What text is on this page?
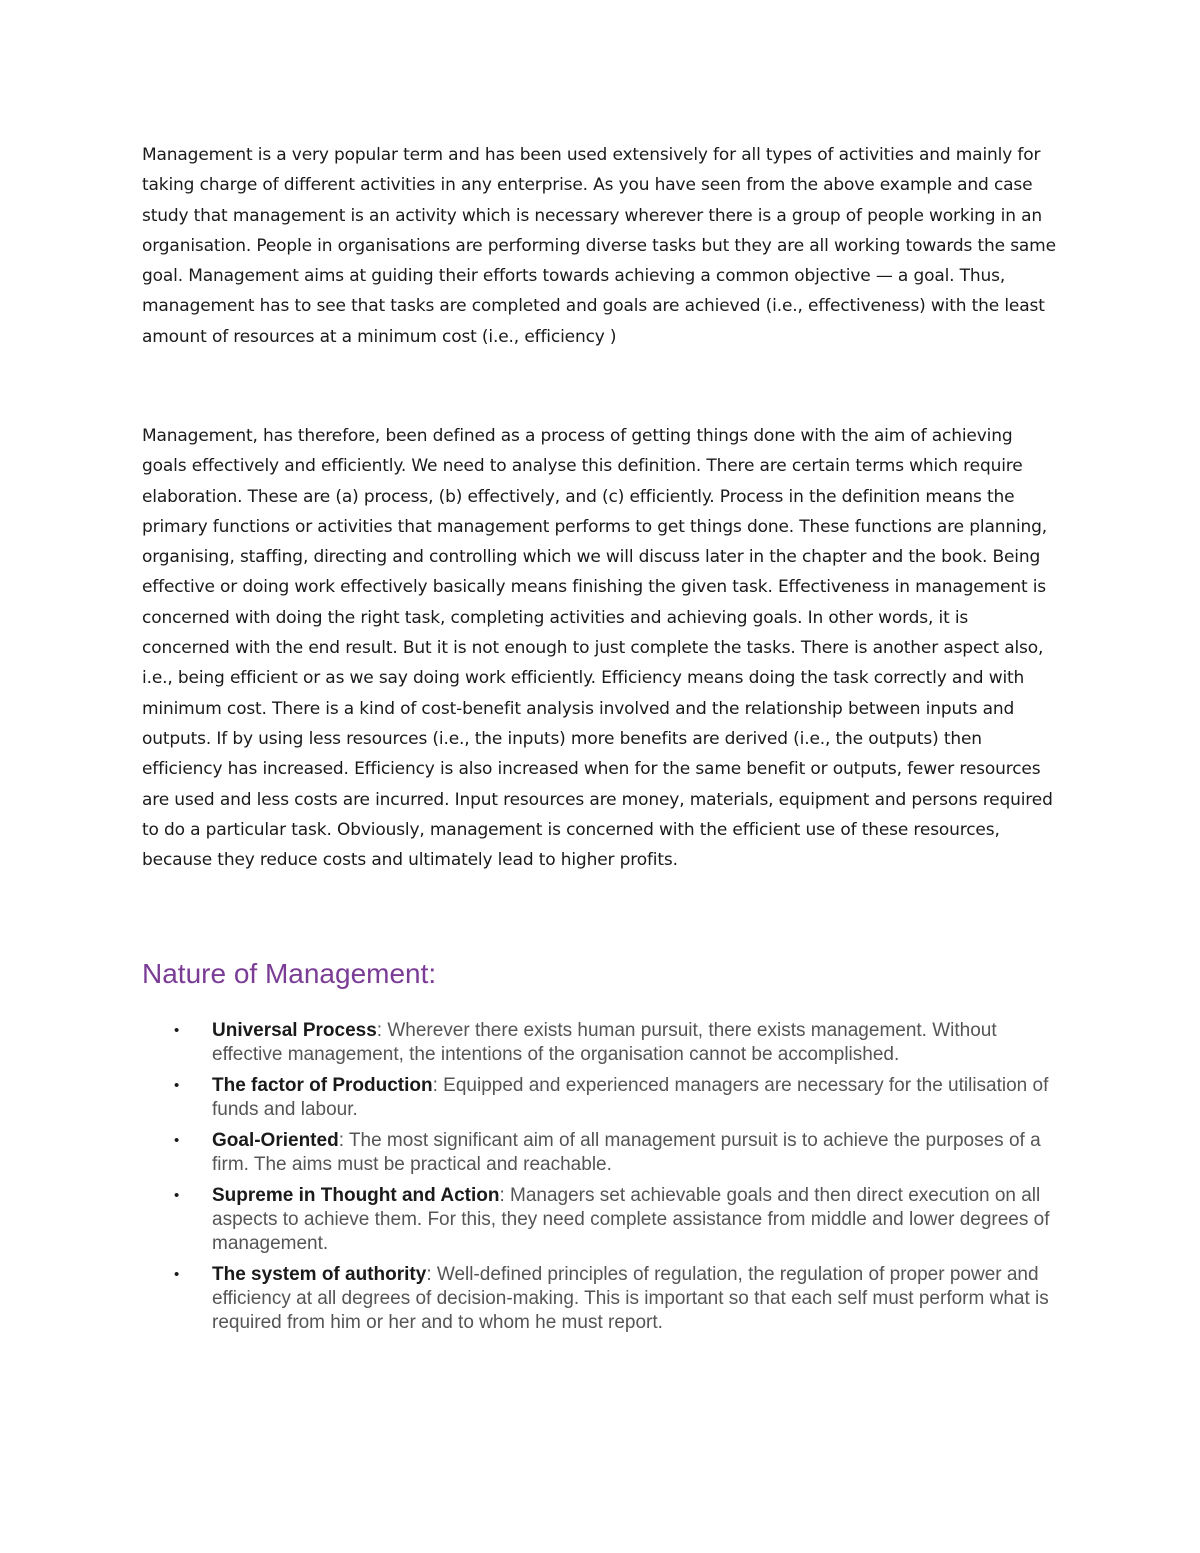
Management is a very popular term and has been used extensively for all types of activities and mainly for taking charge of different activities in any enterprise. As you have seen from the above example and case study that management is an activity which is necessary wherever there is a group of people working in an organisation. People in organisations are performing diverse tasks but they are all working towards the same goal. Management aims at guiding their efforts towards achieving a common objective — a goal. Thus, management has to see that tasks are completed and goals are achieved (i.e., effectiveness) with the least amount of resources at a minimum cost (i.e., efficiency )

Management, has therefore, been defined as a process of getting things done with the aim of achieving goals effectively and efficiently. We need to analyse this definition. There are certain terms which require elaboration. These are (a) process, (b) effectively, and (c) efficiently. Process in the definition means the primary functions or activities that management performs to get things done. These functions are planning, organising, staffing, directing and controlling which we will discuss later in the chapter and the book. Being effective or doing work effectively basically means finishing the given task. Effectiveness in management is concerned with doing the right task, completing activities and achieving goals. In other words, it is concerned with the end result. But it is not enough to just complete the tasks. There is another aspect also, i.e., being efficient or as we say doing work efficiently. Efficiency means doing the task correctly and with minimum cost. There is a kind of cost-benefit analysis involved and the relationship between inputs and outputs. If by using less resources (i.e., the inputs) more benefits are derived (i.e., the outputs) then efficiency has increased. Efficiency is also increased when for the same benefit or outputs, fewer resources are used and less costs are incurred. Input resources are money, materials, equipment and persons required to do a particular task. Obviously, management is concerned with the efficient use of these resources, because they reduce costs and ultimately lead to higher profits.

Nature of Management:
• Universal Process: Wherever there exists human pursuit, there exists management. Without effective management, the intentions of the organisation cannot be accomplished.
• The factor of Production: Equipped and experienced managers are necessary for the utilisation of funds and labour.
• Goal-Oriented: The most significant aim of all management pursuit is to achieve the purposes of a firm. The aims must be practical and reachable.
• Supreme in Thought and Action: Managers set achievable goals and then direct execution on all aspects to achieve them. For this, they need complete assistance from middle and lower degrees of management.
• The system of authority: Well-defined principles of regulation, the regulation of proper power and efficiency at all degrees of decision-making. This is important so that each self must perform what is required from him or her and to whom he must report.
